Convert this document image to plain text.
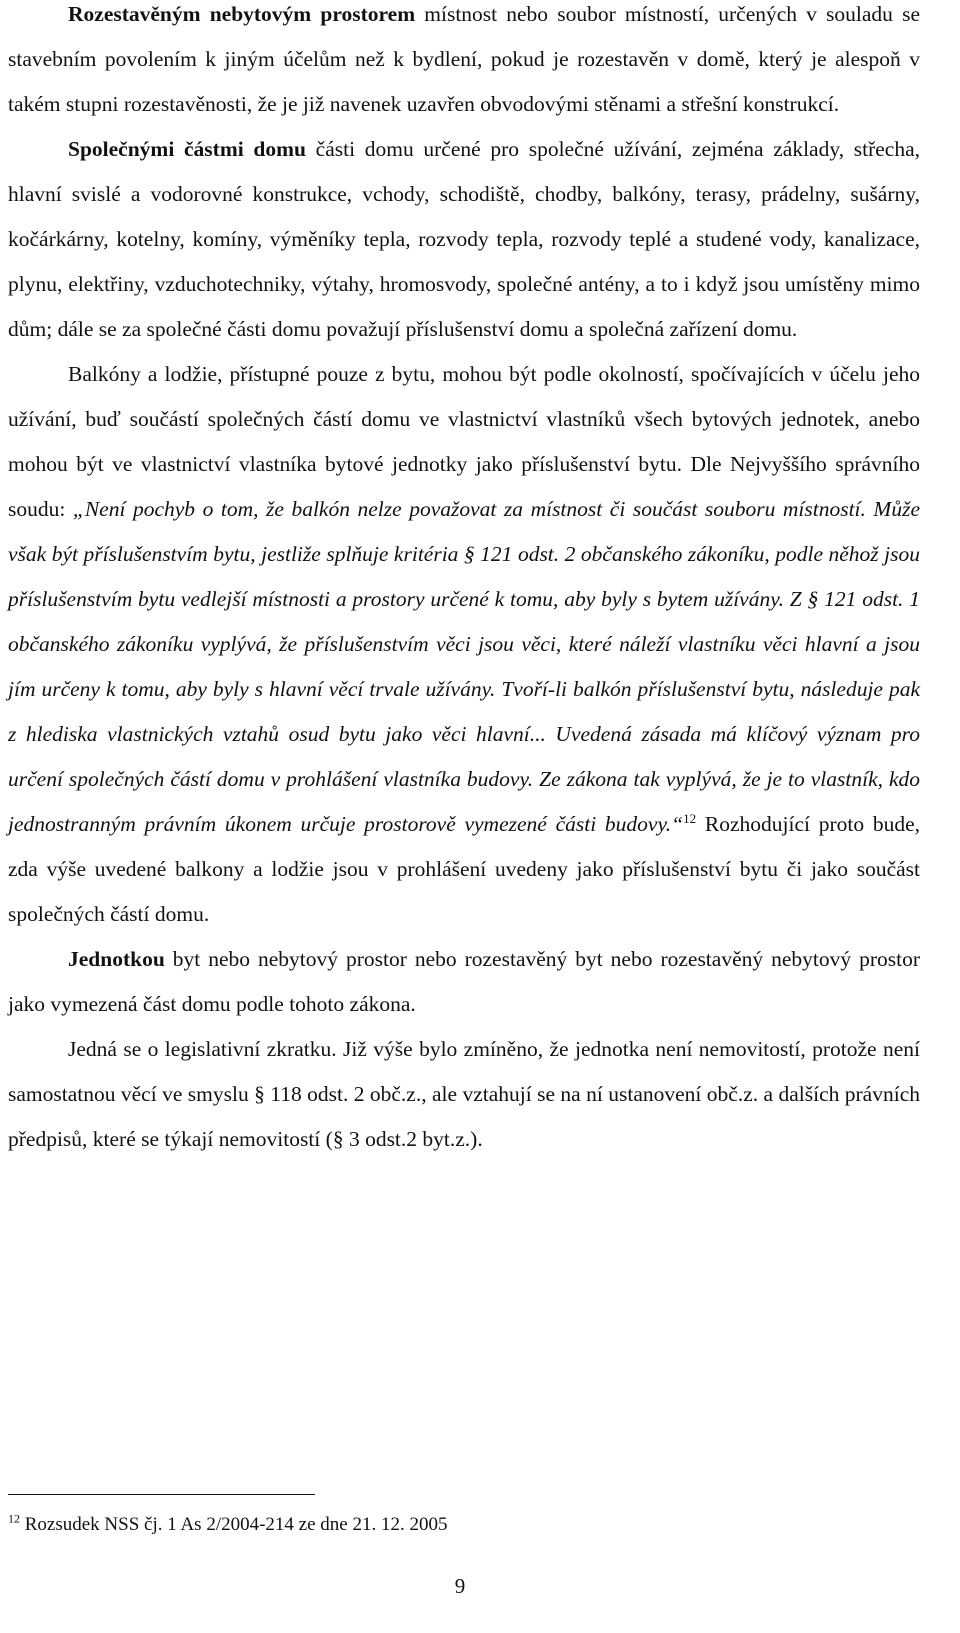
Rozestavěným nebytovým prostorem místnost nebo soubor místností, určených v souladu se stavebním povolením k jiným účelům než k bydlení, pokud je rozestavěn v domě, který je alespoň v takém stupni rozestavěnosti, že je již navenek uzavřen obvodovými stěnami a střešní konstrukcí.

Společnými částmi domu části domu určené pro společné užívání, zejména základy, střecha, hlavní svislé a vodorovné konstrukce, vchody, schodiště, chodby, balkóny, terasy, prádelny, sušárny, kočárkárny, kotelny, komíny, výměníky tepla, rozvody tepla, rozvody teplé a studené vody, kanalizace, plynu, elektřiny, vzduchotechniky, výtahy, hromosvody, společné antény, a to i když jsou umístěny mimo dům; dále se za společné části domu považují příslušenství domu a společná zařízení domu.

Balkóny a lodžie, přístupné pouze z bytu, mohou být podle okolností, spočívajících v účelu jeho užívání, buď součástí společných částí domu ve vlastnictví vlastníků všech bytových jednotek, anebo mohou být ve vlastnictví vlastníka bytové jednotky jako příslušenství bytu. Dle Nejvyššího správního soudu: „Není pochyb o tom, že balkón nelze považovat za místnost či součást souboru místností. Může však být příslušenstvím bytu, jestliže splňuje kritéria § 121 odst. 2 občanského zákoníku, podle něhož jsou příslušenstvím bytu vedlejší místnosti a prostory určené k tomu, aby byly s bytem užívány. Z § 121 odst. 1 občanského zákoníku vyplývá, že příslušenstvím věci jsou věci, které náleží vlastníku věci hlavní a jsou jím určeny k tomu, aby byly s hlavní věcí trvale užívány. Tvoří-li balkón příslušenství bytu, následuje pak z hlediska vlastnických vztahů osud bytu jako věci hlavní... Uvedená zásada má klíčový význam pro určení společných částí domu v prohlášení vlastníka budovy. Ze zákona tak vyplývá, že je to vlastník, kdo jednostranným právním úkonem určuje prostorově vymezené části budovy.“$^{12}$ Rozhodující proto bude, zda výše uvedené balkony a lodžie jsou v prohlášení uvedeny jako příslušenství bytu či jako součást společných částí domu.

Jednotkou byt nebo nebytový prostor nebo rozestavěný byt nebo rozestavěný nebytový prostor jako vymezená část domu podle tohoto zákona.

Jedná se o legislativní zkratku. Již výše bylo zmíněno, že jednotka není nemovitostí, protože není samostatnou věcí ve smyslu § 118 odst. 2 obč.z., ale vztahují se na ní ustanovení obč.z. a dalších právních předpisů, které se týkají nemovitostí (§ 3 odst.2 byt.z.).

$^{12}$ Rozsudek NSS čj. 1 As 2/2004-214 ze dne 21. 12. 2005
9
